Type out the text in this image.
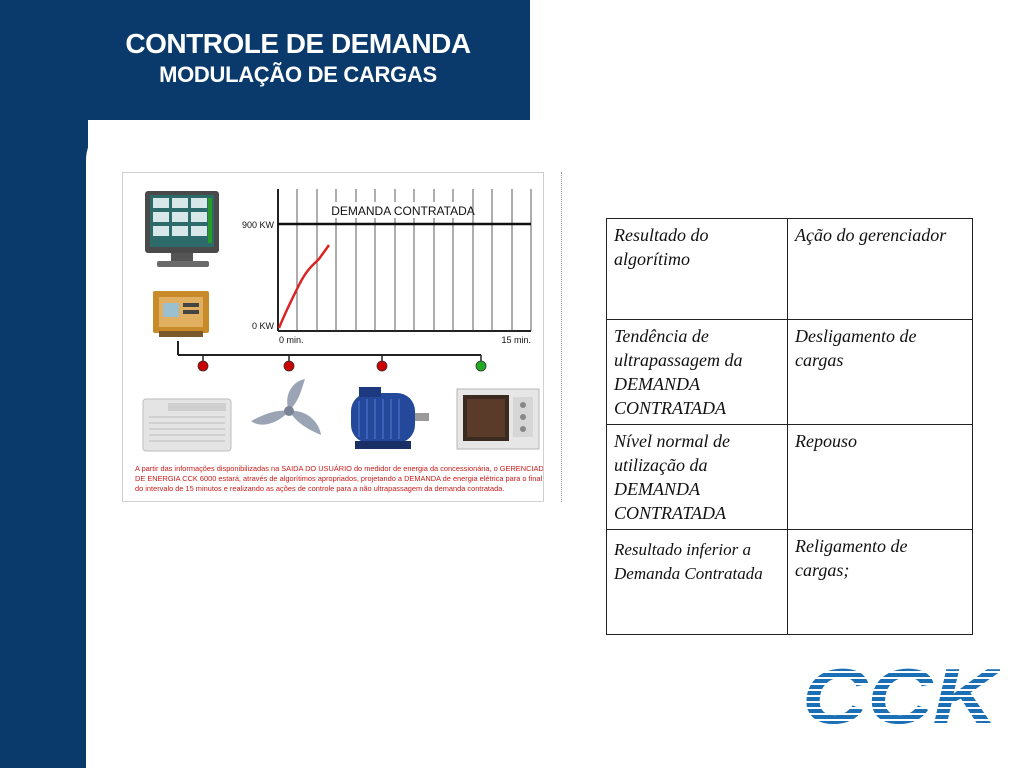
CONTROLE DE DEMANDA
MODULAÇÃO DE CARGAS
DEMANDA CONTRATADA
900 KW
0 KW
0 min.	15 min.
A partir das informações disponibilizadas na SAIDA DO USUÁRIO do medidor de energia da concessionária, o GERENCIADOR
DE ENERGIA CCK 6000 estará, através de algorítimos apropriados, projetando a DEMANDA de energia elétrica para o final
do intervalo de 15 minutos e realizando as ações de controle para a não ultrapassagem da demanda contratada.
Resultado do algorítimo	Ação do gerenciador
Tendência de ultrapassagem da DEMANDA CONTRATADA	Desligamento de cargas
Nível normal de utilização da DEMANDA CONTRATADA	Repouso
Resultado inferior a Demanda Contratada	Religamento de cargas;
CCK
